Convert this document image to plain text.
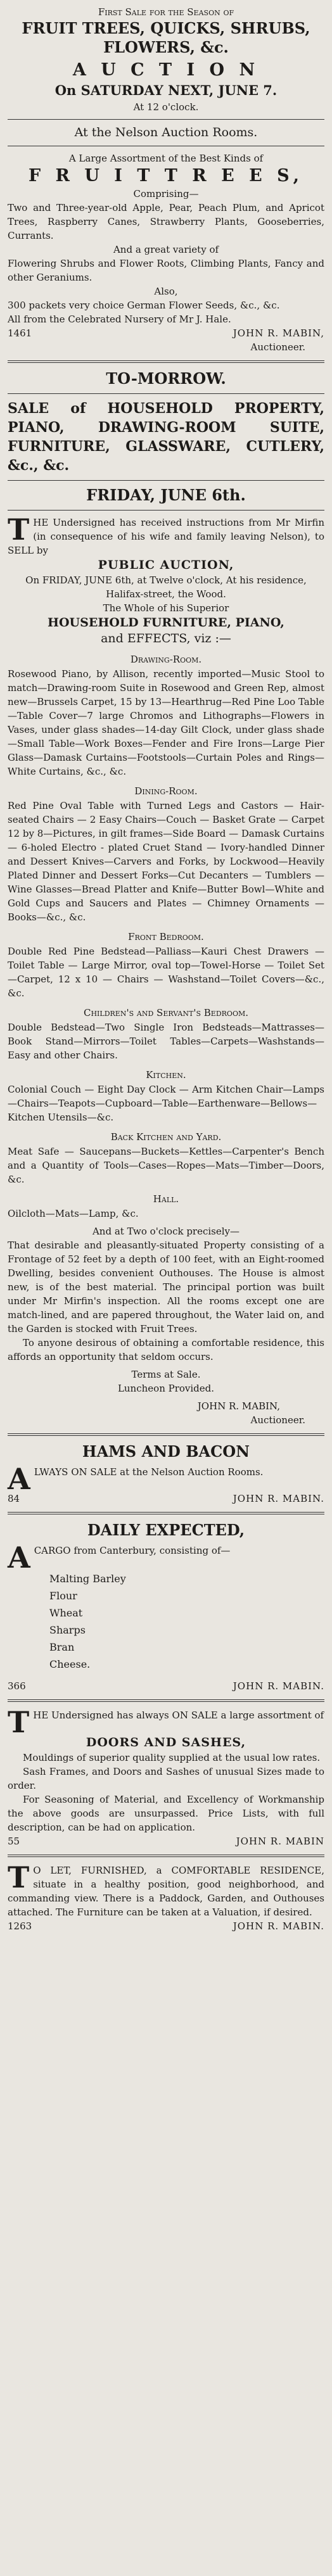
First Sale for the Season of

FRUIT TREES, QUICKS, SHRUBS,

FLOWERS, &c.

A U C T I O N

On SATURDAY NEXT, JUNE 7.

At 12 o'clock.

At the Nelson Auction Rooms.

A Large Assortment of the Best Kinds of

F R U I T T R E E S,

Comprising—

Two and Three-year-old Apple, Pear, Peach Plum, and Apricot Trees, Raspberry Canes, Strawberry Plants, Gooseberries, Currants.

And a great variety of

Flowering Shrubs and Flower Roots, Climbing Plants, Fancy and other Geraniums.

Also,

300 packets very choice German Flower Seeds, &c., &c.

All from the Celebrated Nursery of Mr J. Hale.

1461	JOHN R. MABIN,

Auctioneer.

TO-MORROW.

SALE of HOUSEHOLD PROPERTY, PIANO, DRAWING-ROOM SUITE, FURNITURE, GLASSWARE, CUTLERY, &c., &c.

FRIDAY, JUNE 6th.

THE Undersigned has received instructions from Mr Mirfin (in consequence of his wife and family leaving Nelson), to SELL by

PUBLIC AUCTION,

On FRIDAY, JUNE 6th, at Twelve o'clock, At his residence, Halifax-street, the Wood.

The Whole of his Superior

HOUSEHOLD FURNITURE, PIANO,

and EFFECTS, viz :—

Drawing-Room.

Rosewood Piano, by Allison, recently imported—Music Stool to match—Drawing-room Suite in Rosewood and Green Rep, almost new—Brussels Carpet, 15 by 13—Hearthrug—Red Pine Loo Table—Table Cover—7 large Chromos and Lithographs—Flowers in Vases, under glass shades—14-day Gilt Clock, under glass shade—Small Table—Work Boxes—Fender and Fire Irons—Large Pier Glass—Damask Curtains—Footstools—Curtain Poles and Rings—White Curtains, &c., &c.

Dining-Room.

Red Pine Oval Table with Turned Legs and Castors — Hair-seated Chairs — 2 Easy Chairs—Couch — Basket Grate — Carpet 12 by 8—Pictures, in gilt frames—Side Board — Damask Curtains — 6-holed Electro - plated Cruet Stand — Ivory-handled Dinner and Dessert Knives—Carvers and Forks, by Lockwood—Heavily Plated Dinner and Dessert Forks—Cut Decanters — Tumblers — Wine Glasses—Bread Platter and Knife—Butter Bowl—White and Gold Cups and Saucers and Plates — Chimney Ornaments — Books—&c., &c.

Front Bedroom.

Double Red Pine Bedstead—Palliass—Kauri Chest Drawers — Toilet Table — Large Mirror, oval top—Towel-Horse — Toilet Set—Carpet, 12 x 10 — Chairs — Washstand—Toilet Covers—&c., &c.

Children's and Servant's Bedroom.

Double Bedstead—Two Single Iron Bedsteads—Mattrasses—Book Stand—Mirrors—Toilet Tables—Carpets—Washstands—Easy and other Chairs.

Kitchen.

Colonial Couch — Eight Day Clock — Arm Kitchen Chair—Lamps—Chairs—Teapots—Cupboard—Table—Earthenware—Bellows—Kitchen Utensils—&c.

Back Kitchen and Yard.

Meat Safe — Saucepans—Buckets—Kettles—Carpenter's Bench and a Quantity of Tools—Cases—Ropes—Mats—Timber—Doors, &c.

Hall.

Oilcloth—Mats—Lamp, &c.

And at Two o'clock precisely—

That desirable and pleasantly-situated Property consisting of a Frontage of 52 feet by a depth of 100 feet, with an Eight-roomed Dwelling, besides convenient Outhouses. The House is almost new, is of the best material. The principal portion was built under Mr Mirfin's inspection. All the rooms except one are match-lined, and are papered throughout, the Water laid on, and the Garden is stocked with Fruit Trees.

To anyone desirous of obtaining a comfortable residence, this affords an opportunity that seldom occurs.

Terms at Sale.

Luncheon Provided.

JOHN R. MABIN,

Auctioneer.

HAMS AND BACON

ALWAYS ON SALE at the Nelson Auction Rooms.

84	JOHN R. MABIN.

DAILY EXPECTED,

ACARGO from Canterbury, consisting of—

Malting Barley

Flour

Wheat

Sharps

Bran

Cheese.

366	JOHN R. MABIN.

THE Undersigned has always ON SALE a large assortment of

DOORS AND SASHES,

Mouldings of superior quality supplied at the usual low rates.

Sash Frames, and Doors and Sashes of unusual Sizes made to order.

For Seasoning of Material, and Excellency of Workmanship the above goods are unsurpassed. Price Lists, with full description, can be had on application.

55	JOHN R. MABIN

T O LET, FURNISHED, a COMFORTABLE RESIDENCE, situate in a healthy position, good neighborhood, and commanding view. There is a Paddock, Garden, and Outhouses attached. The Furniture can be taken at a Valuation, if desired.

1263	JOHN R. MABIN.
